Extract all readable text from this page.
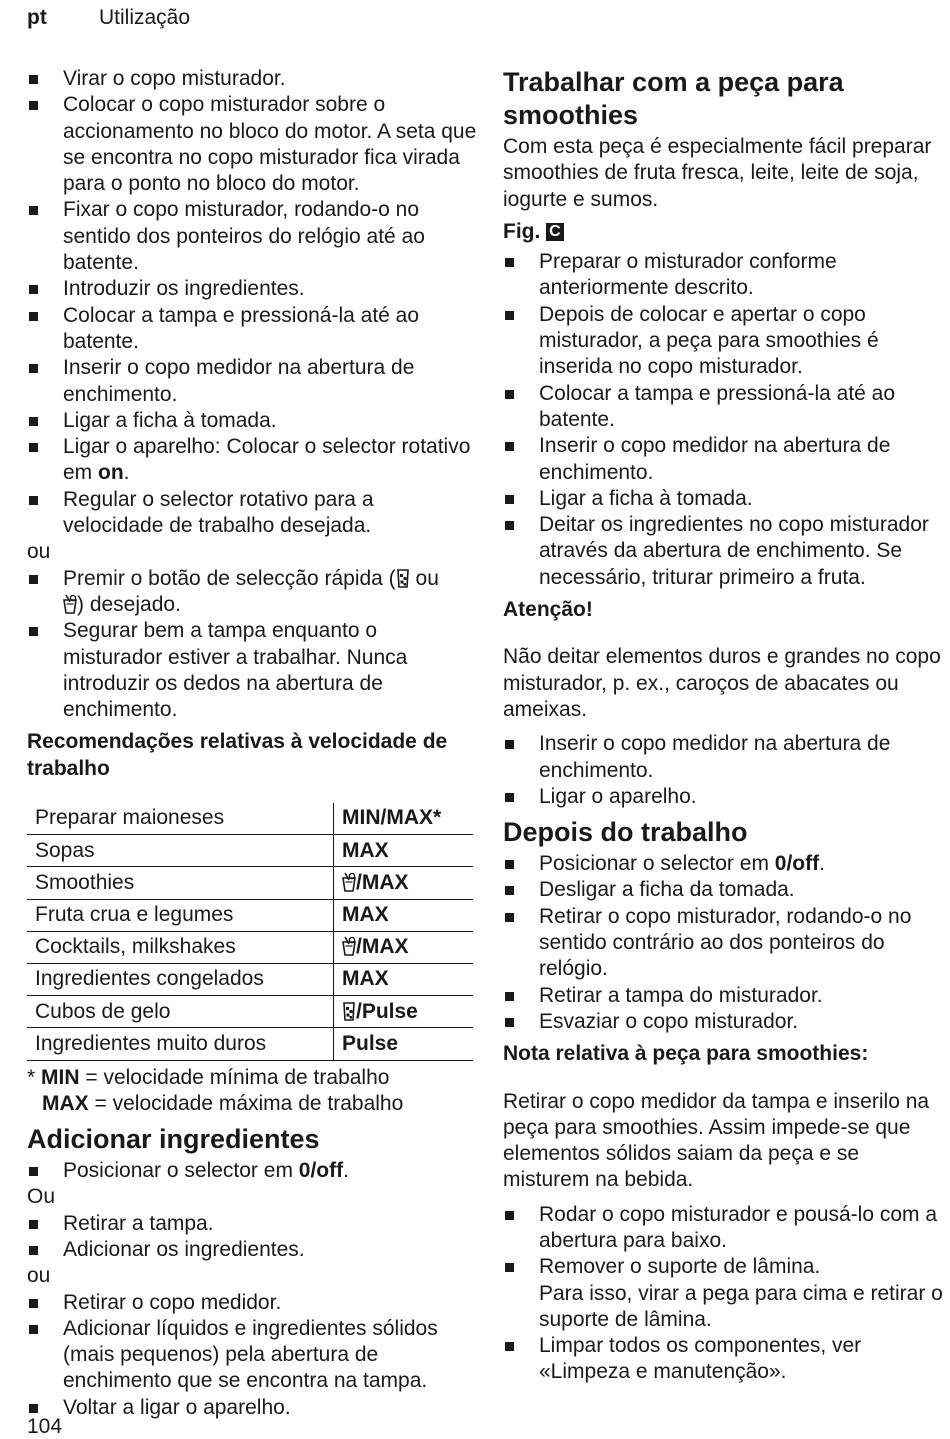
pt Utilização
Virar o copo misturador.
Colocar o copo misturador sobre o accionamento no bloco do motor. A seta que se encontra no copo misturador fica virada para o ponto no bloco do motor.
Fixar o copo misturador, rodando-o no sentido dos ponteiros do relógio até ao batente.
Introduzir os ingredientes.
Colocar a tampa e pressioná-la até ao batente.
Inserir o copo medidor na abertura de enchimento.
Ligar a ficha à tomada.
Ligar o aparelho: Colocar o selector rotativo em on.
Regular o selector rotativo para a velocidade de trabalho desejada.

ou

Premir o botão de selecção rápida ( ou
) desejado.
Segurar bem a tampa enquanto o misturador estiver a trabalhar. Nunca introduzir os dedos na abertura de enchimento.

Recomendações relativas à velocidade de trabalho

Preparar maioneses	MIN/MAX*
Sopas	MAX
Smoothies	/MAX
Fruta crua e legumes	MAX
Cocktails, milkshakes	/MAX
Ingredientes congelados	MAX
Cubos de gelo	/Pulse
Ingredientes muito duros	Pulse
* MIN = velocidade mínima de trabalho
MAX = velocidade máxima de trabalho
Adicionar ingredientes
Posicionar o selector em 0/off.

Ou

Retirar a tampa.
Adicionar os ingredientes.

ou

Retirar o copo medidor.
Adicionar líquidos e ingredientes sólidos (mais pequenos) pela abertura de enchimento que se encontra na tampa.
Voltar a ligar o aparelho.
Trabalhar com a peça para smoothies

Com esta peça é especialmente fácil preparar smoothies de fruta fresca, leite, leite de soja, iogurte e sumos.

Fig. C

Preparar o misturador conforme anteriormente descrito.
Depois de colocar e apertar o copo misturador, a peça para smoothies é inserida no copo misturador.
Colocar a tampa e pressioná-la até ao batente.
Inserir o copo medidor na abertura de enchimento.
Ligar a ficha à tomada.
Deitar os ingredientes no copo misturador através da abertura de enchimento. Se necessário, triturar primeiro a fruta.

Atenção!

Não deitar elementos duros e grandes no copo misturador, p. ex., caroços de abacates ou ameixas.

Inserir o copo medidor na abertura de enchimento.
Ligar o aparelho.
Depois do trabalho
Posicionar o selector em 0/off.
Desligar a ficha da tomada.
Retirar o copo misturador, rodando-o no sentido contrário ao dos ponteiros do relógio.
Retirar a tampa do misturador.
Esvaziar o copo misturador.

Nota relativa à peça para smoothies:

Retirar o copo medidor da tampa e inserilo na peça para smoothies. Assim impede-se que elementos sólidos saiam da peça e se misturem na bebida.

Rodar o copo misturador e pousá-lo com a abertura para baixo.
Remover o suporte de lâmina.
Para isso, virar a pega para cima e retirar o suporte de lâmina.
Limpar todos os componentes, ver «Limpeza e manutenção».
104
